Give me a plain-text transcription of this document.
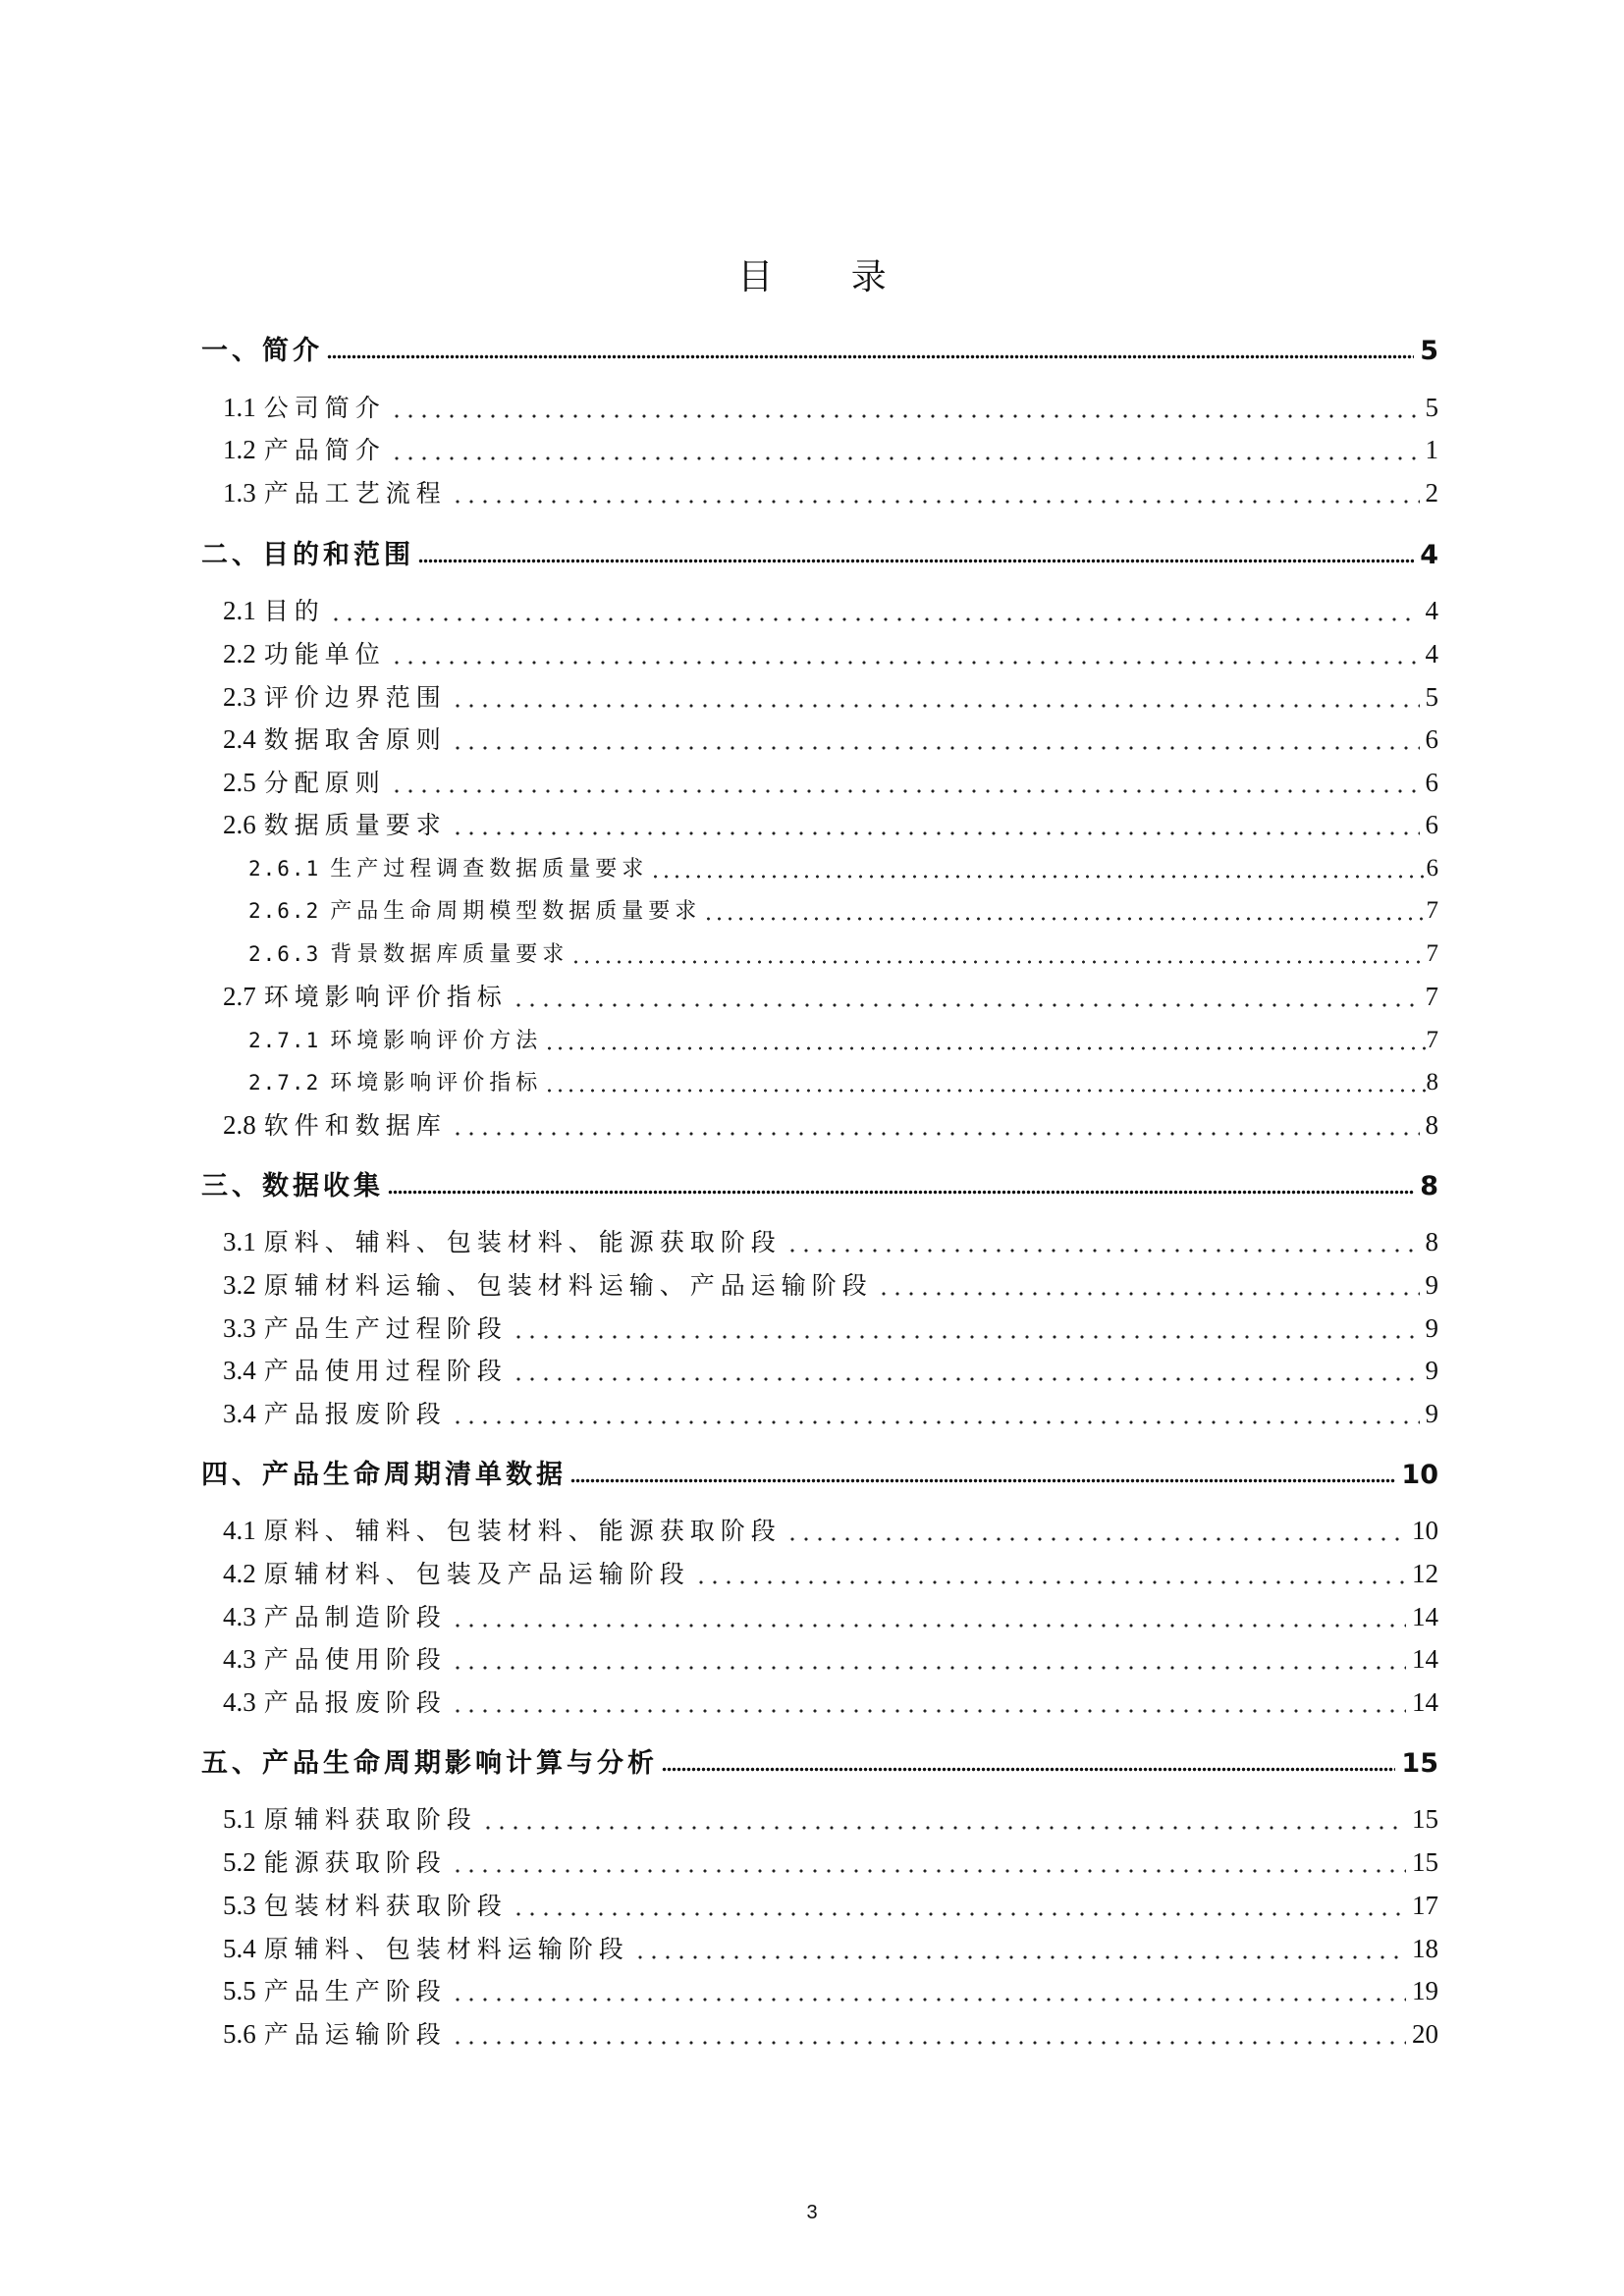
目 录
一、简介	5
1.1 公司简介	5
1.2 产品简介	1
1.3 产品工艺流程	2
二、目的和范围	4
2.1 目的	4
2.2 功能单位	4
2.3 评价边界范围	5
2.4 数据取舍原则	6
2.5 分配原则	6
2.6 数据质量要求	6
2.6.1 生产过程调查数据质量要求	6
2.6.2 产品生命周期模型数据质量要求	7
2.6.3 背景数据库质量要求	7
2.7 环境影响评价指标	7
2.7.1 环境影响评价方法	7
2.7.2 环境影响评价指标	8
2.8 软件和数据库	8
三、数据收集	8
3.1 原料、辅料、包装材料、能源获取阶段	8
3.2 原辅材料运输、包装材料运输、产品运输阶段	9
3.3 产品生产过程阶段	9
3.4 产品使用过程阶段	9
3.4 产品报废阶段	9
四、产品生命周期清单数据	10
4.1 原料、辅料、包装材料、能源获取阶段	10
4.2 原辅材料、包装及产品运输阶段	12
4.3 产品制造阶段	14
4.3 产品使用阶段	14
4.3 产品报废阶段	14
五、产品生命周期影响计算与分析	15
5.1 原辅料获取阶段	15
5.2 能源获取阶段	15
5.3 包装材料获取阶段	17
5.4 原辅料、包装材料运输阶段	18
5.5 产品生产阶段	19
5.6 产品运输阶段	20
3
